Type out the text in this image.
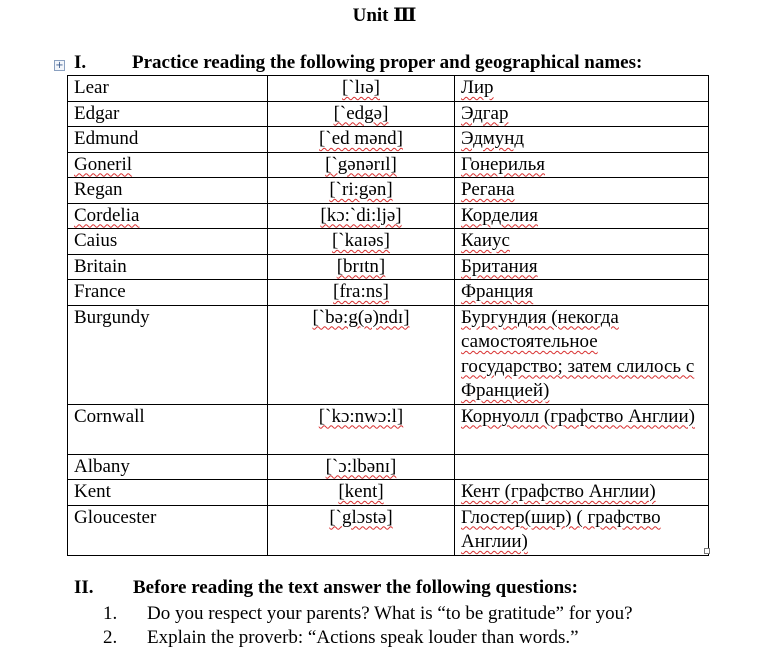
Unit Ⅲ
+ I. Practice reading the following proper and geographical names:
Lear	[`lɪə]	Лир
Edgar	[`edgə]	Эдгар
Edmund	[`ed mənd]	Эдмунд
Goneril	[`gənərɪl]	Гонерилья
Regan	[`ri:gən]	Регана
Cordelia	[kɔ:`di:ljə]	Корделия
Caius	[`kaɪəs]	Каиус
Britain	[brɪtn]	Британия
France	[fra:ns]	Франция
Burgundy	[`bə:g(ə)ndɪ]	Бургундия (некогда самостоятельное государство; затем слилось с Францией)
Cornwall	[`kɔ:nwɔ:l]	Корнуолл (графство Англии)
Albany	[`ɔ:lbənɪ]	
Kent	[kent]	Кент (графство Англии)
Gloucester	[`glɔstə]	Глостер(шир) ( графство Англии)
II. Before reading the text answer the following questions:
1. Do you respect your parents? What is “to be gratitude” for you?
2. Explain the proverb: “Actions speak louder than words.”
